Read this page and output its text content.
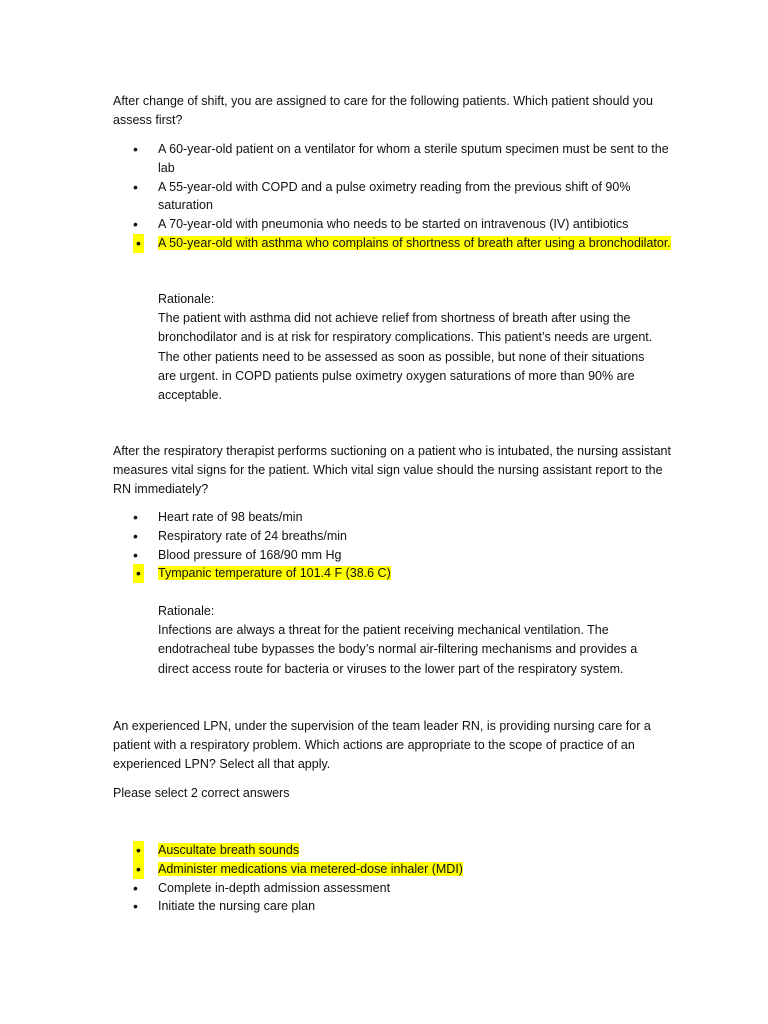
After change of shift, you are assigned to care for the following patients. Which patient should you assess first?

• A 60-year-old patient on a ventilator for whom a sterile sputum specimen must be sent to the lab
• A 55-year-old with COPD and a pulse oximetry reading from the previous shift of 90% saturation
• A 70-year-old with pneumonia who needs to be started on intravenous (IV) antibiotics
• A 50-year-old with asthma who complains of shortness of breath after using a bronchodilator.

Rationale:

The patient with asthma did not achieve relief from shortness of breath after using the bronchodilator and is at risk for respiratory complications. This patient’s needs are urgent. The other patients need to be assessed as soon as possible, but none of their situations are urgent. in COPD patients pulse oximetry oxygen saturations of more than 90% are acceptable.

After the respiratory therapist performs suctioning on a patient who is intubated, the nursing assistant measures vital signs for the patient. Which vital sign value should the nursing assistant report to the RN immediately?

• Heart rate of 98 beats/min
• Respiratory rate of 24 breaths/min
• Blood pressure of 168/90 mm Hg
• Tympanic temperature of 101.4 F (38.6 C)

Rationale:

Infections are always a threat for the patient receiving mechanical ventilation. The endotracheal tube bypasses the body’s normal air-filtering mechanisms and provides a direct access route for bacteria or viruses to the lower part of the respiratory system.

An experienced LPN, under the supervision of the team leader RN, is providing nursing care for a patient with a respiratory problem. Which actions are appropriate to the scope of practice of an experienced LPN? Select all that apply.

Please select 2 correct answers

• Auscultate breath sounds
• Administer medications via metered-dose inhaler (MDI)
• Complete in-depth admission assessment
• Initiate the nursing care plan
